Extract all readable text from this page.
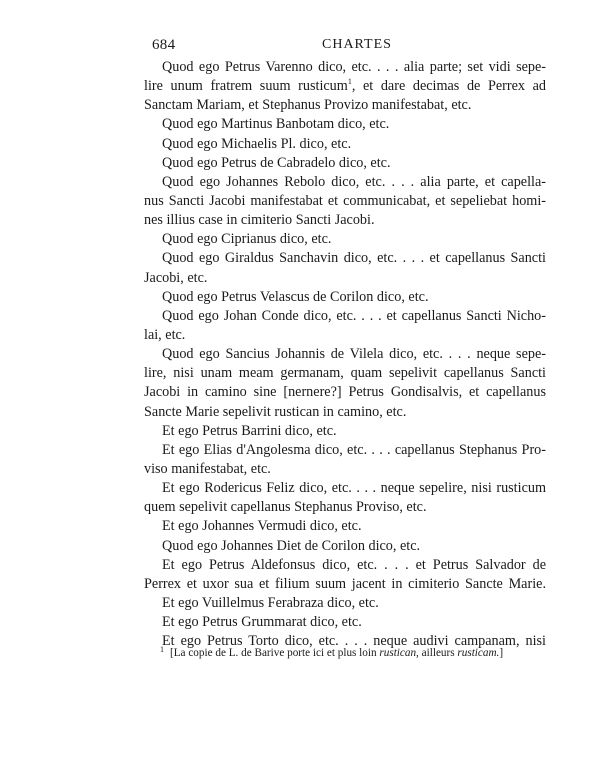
684	CHARTES
Quod ego Petrus Varenno dico, etc. . . . alia parte; set vidi sepe-
lire unum fratrem suum rusticum$^1$, et dare decimas de Perrex ad
Sanctam Mariam, et Stephanus Provizo manifestabat, etc.
Quod ego Martinus Banbotam dico, etc.
Quod ego Michaelis Pl. dico, etc.
Quod ego Petrus de Cabradelo dico, etc.
Quod ego Johannes Rebolo dico, etc. . . . alia parte, et capella-
nus Sancti Jacobi manifestabat et communicabat, et sepeliebat homi-
nes illius case in cimiterio Sancti Jacobi.
Quod ego Ciprianus dico, etc.
Quod ego Giraldus Sanchavin dico, etc. . . . et capellanus Sancti
Jacobi, etc.
Quod ego Petrus Velascus de Corilon dico, etc.
Quod ego Johan Conde dico, etc. . . . et capellanus Sancti Nicho-
lai, etc.
Quod ego Sancius Johannis de Vilela dico, etc. . . . neque sepe-
lire, nisi unam meam germanam, quam sepelivit capellanus Sancti
Jacobi in camino sine [nernere?] Petrus Gondisalvis, et capellanus
Sancte Marie sepelivit rustican in camino, etc.
Et ego Petrus Barrini dico, etc.
Et ego Elias d'Angolesma dico, etc. . . . capellanus Stephanus Pro-
viso manifestabat, etc.
Et ego Rodericus Feliz dico, etc. . . . neque sepelire, nisi rusticum
quem sepelivit capellanus Stephanus Proviso, etc.
Et ego Johannes Vermudi dico, etc.
Quod ego Johannes Diet de Corilon dico, etc.
Et ego Petrus Aldefonsus dico, etc. . . . et Petrus Salvador de
Perrex et uxor sua et filium suum jacent in cimiterio Sancte Marie.
Et ego Vuillelmus Ferabraza dico, etc.
Et ego Petrus Grummarat dico, etc.
Et ego Petrus Torto dico, etc. . . . neque audivi campanam, nisi
$^1$ [La copie de L. de Barive porte ici et plus loin rustican, ailleurs rusticam.]
